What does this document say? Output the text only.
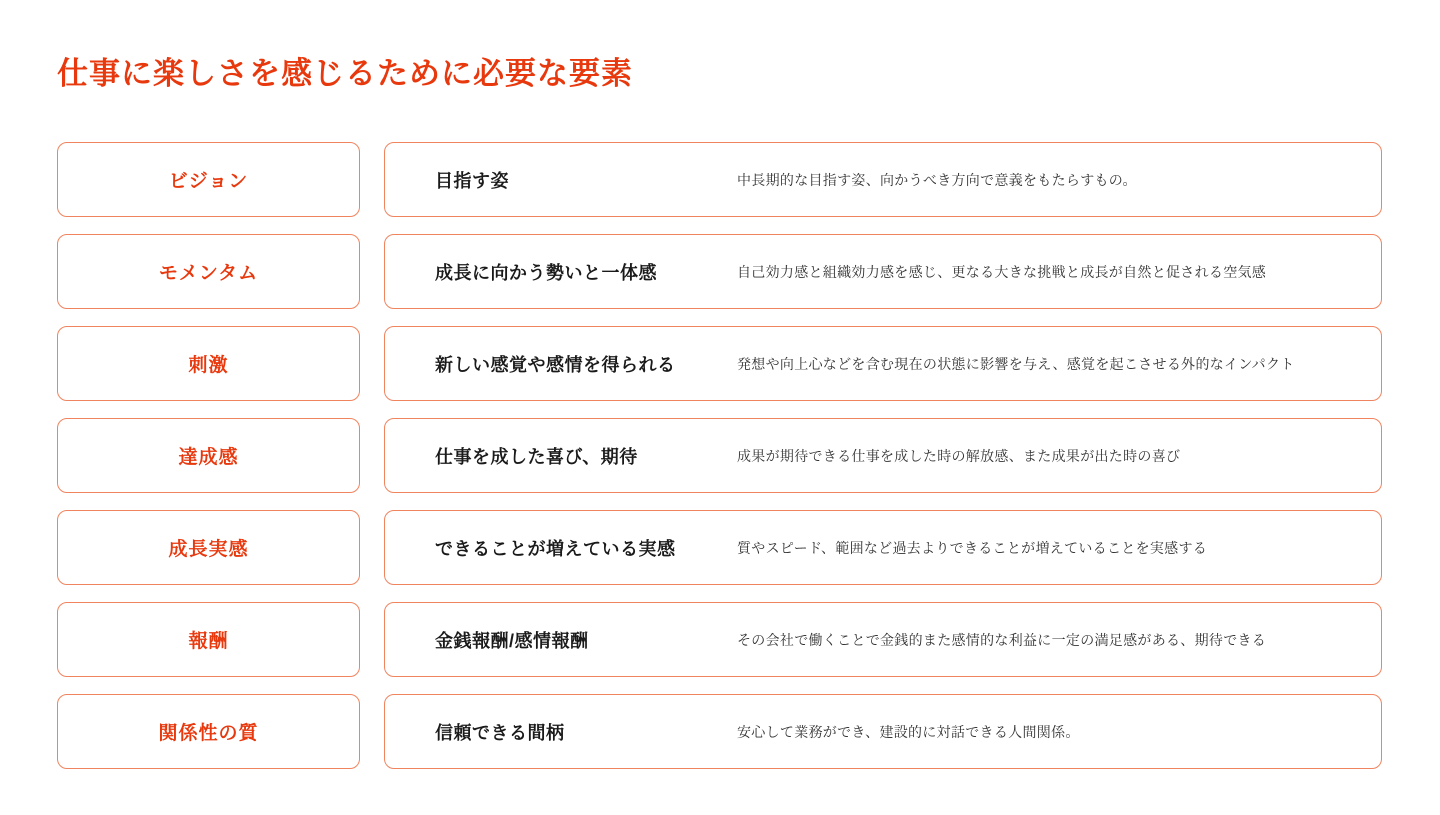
仕事に楽しさを感じるために必要な要素
ビジョン	目指す姿	中長期的な目指す姿、向かうべき方向で意義をもたらすもの。
モメンタム	成長に向かう勢いと一体感	自己効力感と組織効力感を感じ、更なる大きな挑戦と成長が自然と促される空気感
刺激	新しい感覚や感情を得られる	発想や向上心などを含む現在の状態に影響を与え、感覚を起こさせる外的なインパクト
達成感	仕事を成した喜び、期待	成果が期待できる仕事を成した時の解放感、また成果が出た時の喜び
成長実感	できることが増えている実感	質やスピード、範囲など過去よりできることが増えていることを実感する
報酬	金銭報酬/感情報酬	その会社で働くことで金銭的また感情的な利益に一定の満足感がある、期待できる
関係性の質	信頼できる間柄	安心して業務ができ、建設的に対話できる人間関係。
